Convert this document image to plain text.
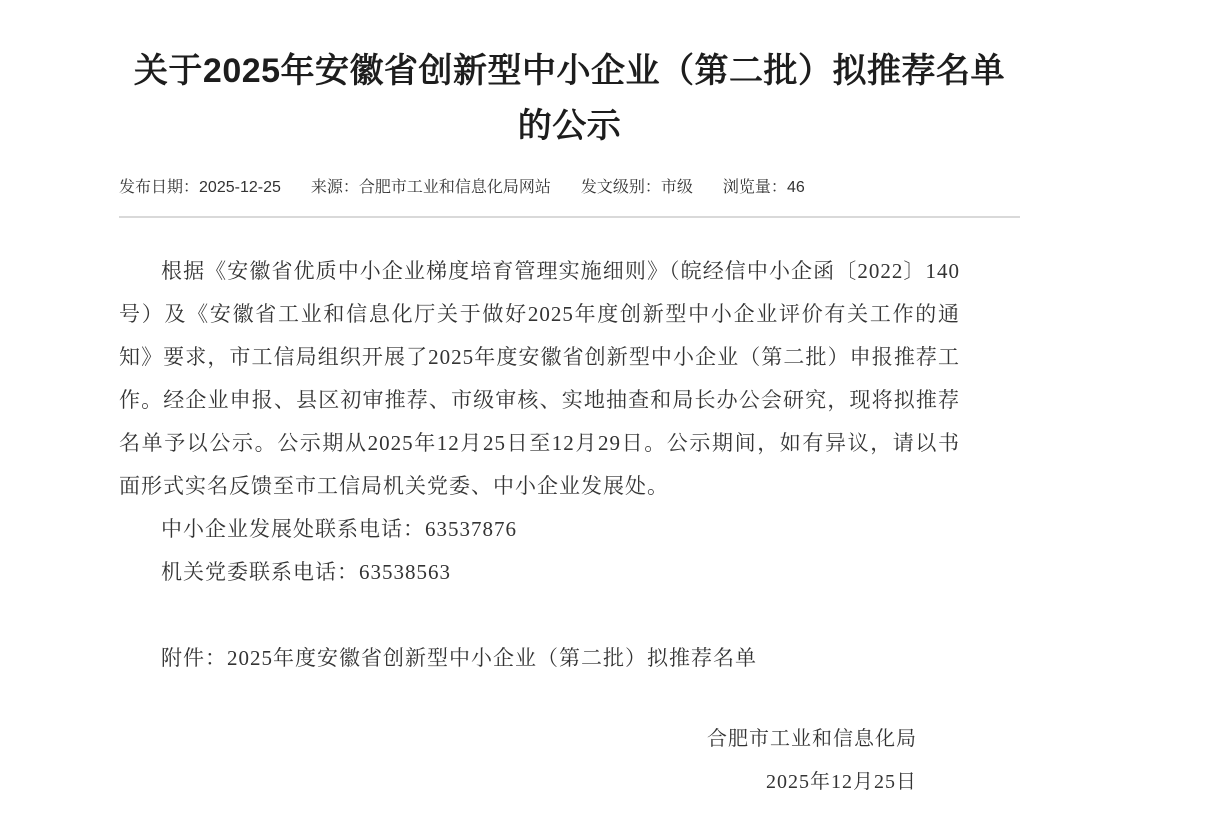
关于2025年安徽省创新型中小企业（第二批）拟推荐名单的公示
发布日期：2025-12-25 来源：合肥市工业和信息化局网站 发文级别：市级 浏览量：46

根据《安徽省优质中小企业梯度培育管理实施细则》（皖经信中小企函〔2022〕140号）及《安徽省工业和信息化厅关于做好2025年度创新型中小企业评价有关工作的通知》要求，市工信局组织开展了2025年度安徽省创新型中小企业（第二批）申报推荐工作。经企业申报、县区初审推荐、市级审核、实地抽查和局长办公会研究，现将拟推荐名单予以公示。公示期从2025年12月25日至12月29日。公示期间，如有异议，请以书面形式实名反馈至市工信局机关党委、中小企业发展处。

中小企业发展处联系电话：63537876

机关党委联系电话：63538563

附件：2025年度安徽省创新型中小企业（第二批）拟推荐名单
合肥市工业和信息化局
2025年12月25日
